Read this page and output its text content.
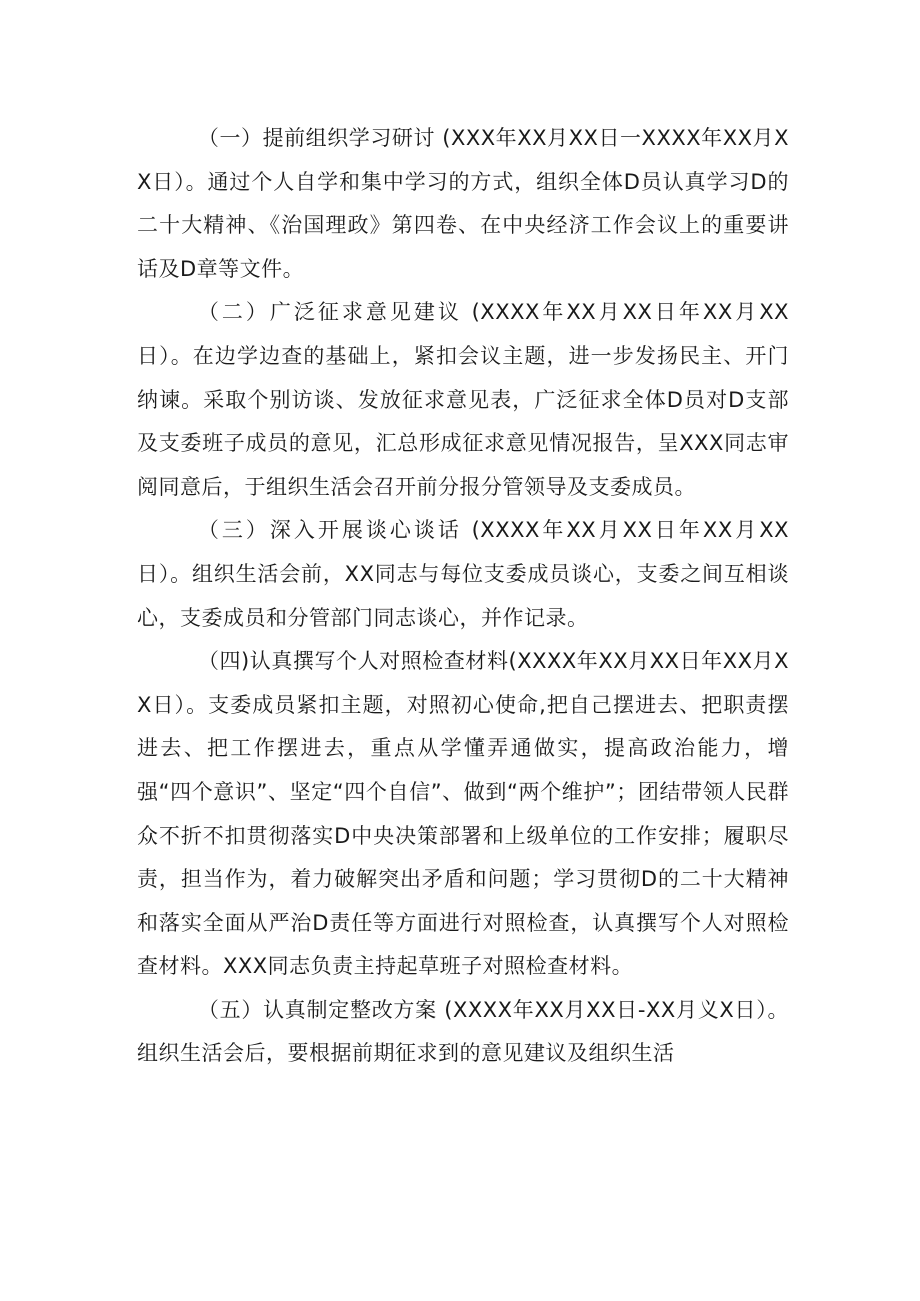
（一）提前组织学习研讨 (XXX年XX月XX日一XXXX年XX月XX日）。通过个人自学和集中学习的方式，组织全体D员认真学习D的二十大精神、《治国理政》第四卷、在中央经济工作会议上的重要讲话及D章等文件。

（二）广泛征求意见建议 (XXXX年XX月XX日年XX月XX日）。在边学边查的基础上，紧扣会议主题，进一步发扬民主、开门纳谏。采取个别访谈、发放征求意见表，广泛征求全体D员对D支部及支委班子成员的意见，汇总形成征求意见情况报告，呈XXX同志审阅同意后，于组织生活会召开前分报分管领导及支委成员。

（三）深入开展谈心谈话 (XXXX年XX月XX日年XX月XX日）。组织生活会前，XX同志与每位支委成员谈心，支委之间互相谈心，支委成员和分管部门同志谈心，并作记录。

（四)认真撰写个人对照检查材料(XXXX年XX月XX日年XX月XX日）。支委成员紧扣主题，对照初心使命,把自己摆进去、把职责摆进去、把工作摆进去，重点从学懂弄通做实，提高政治能力，增强“四个意识”、坚定“四个自信”、做到“两个维护”；团结带领人民群众不折不扣贯彻落实D中央决策部署和上级单位的工作安排；履职尽责，担当作为，着力破解突出矛盾和问题；学习贯彻D的二十大精神和落实全面从严治D责任等方面进行对照检查，认真撰写个人对照检查材料。XXX同志负责主持起草班子对照检查材料。

（五）认真制定整改方案 (XXXX年XX月XX日-XX月义X日）。组织生活会后，要根据前期征求到的意见建议及组织生活
